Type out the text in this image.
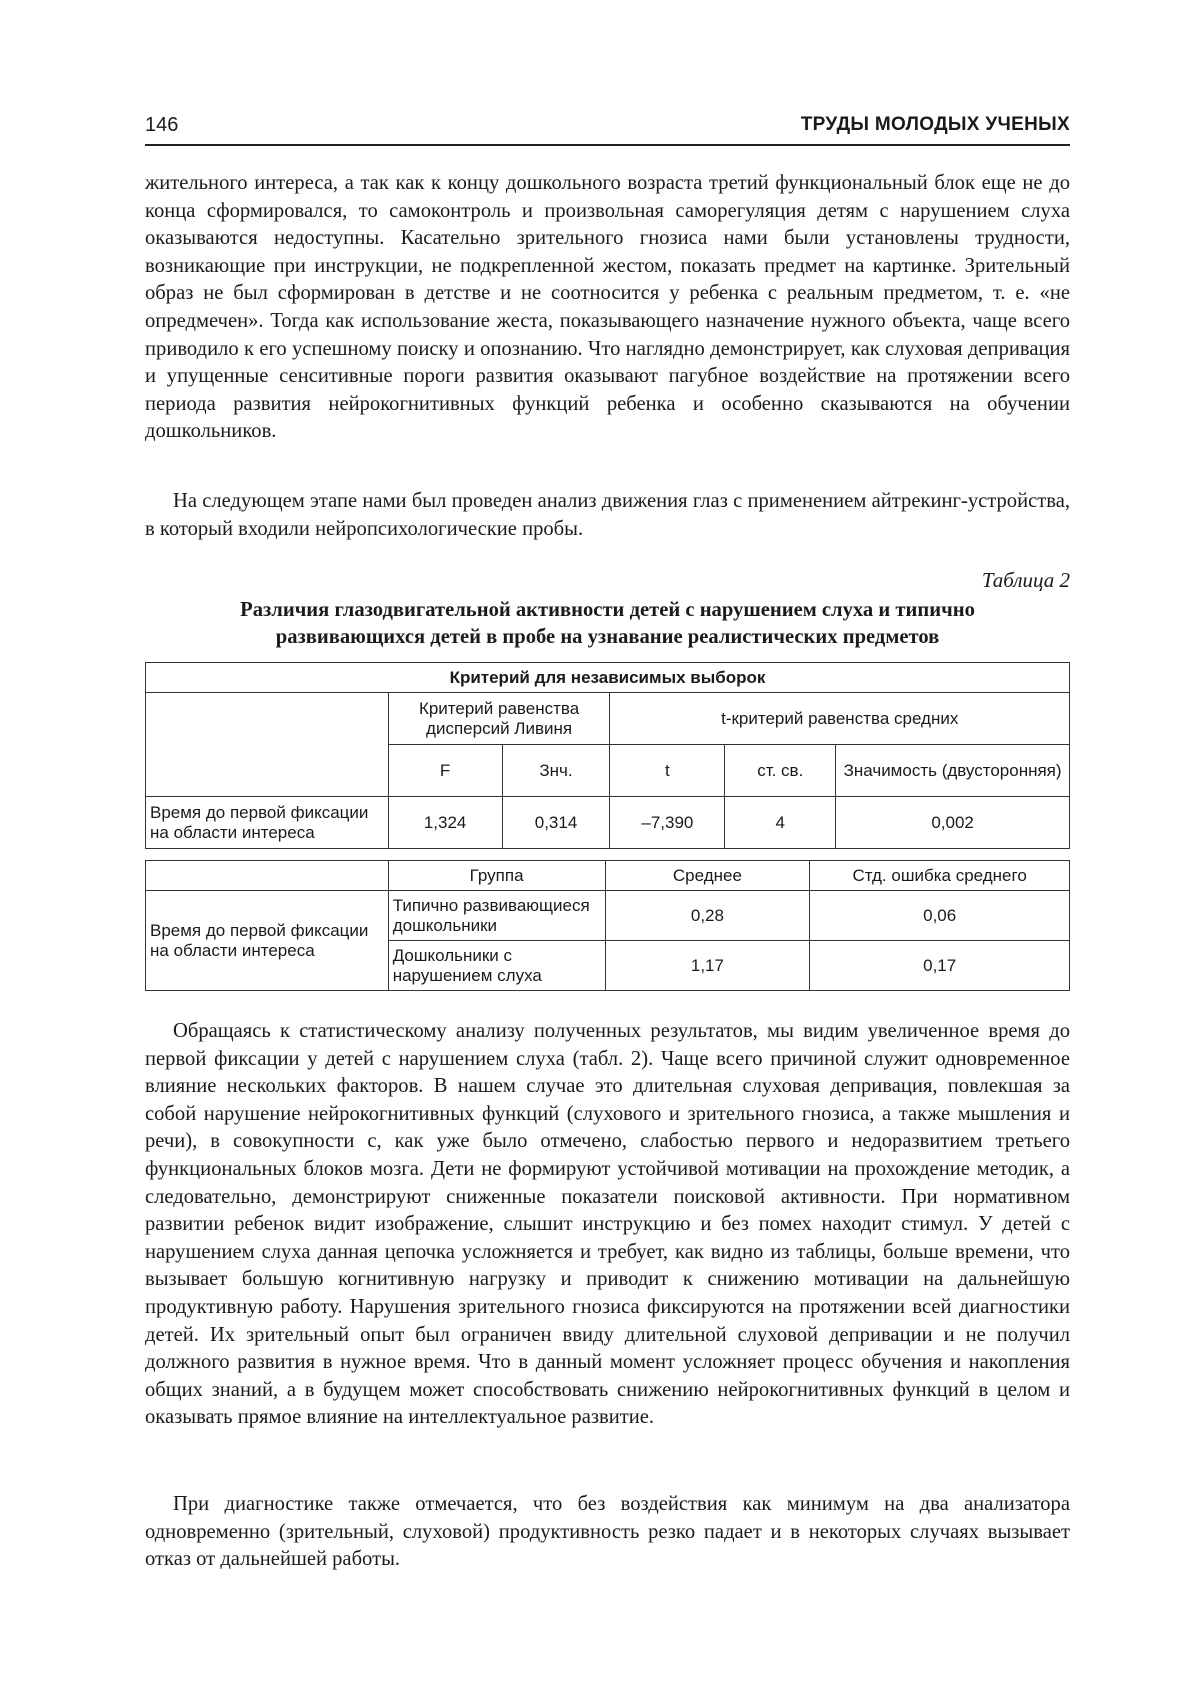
146	ТРУДЫ МОЛОДЫХ УЧЕНЫХ

жительного интереса, а так как к концу дошкольного возраста третий функциональный блок еще не до конца сформировался, то самоконтроль и произвольная саморегуляция детям с нарушением слуха оказываются недоступны. Касательно зрительного гнозиса нами были установлены трудности, возникающие при инструкции, не подкрепленной жестом, показать предмет на картинке. Зрительный образ не был сформирован в детстве и не соотносится у ребенка с реальным предметом, т. е. «не опредмечен». Тогда как использование жеста, показывающего назначение нужного объекта, чаще всего приводило к его успешному поиску и опознанию. Что наглядно демонстрирует, как слуховая депривация и упущенные сенситивные пороги развития оказывают пагубное воздействие на протяжении всего периода развития нейрокогнитивных функций ребенка и особенно сказываются на обучении дошкольников.

На следующем этапе нами был проведен анализ движения глаз с применением айтрекинг-устройства, в который входили нейропсихологические пробы.

Таблица 2
Различия глазодвигательной активности детей с нарушением слуха и типично
развивающихся детей в пробе на узнавание реалистических предметов
Критерий для независимых выборок					
	Критерий равенства дисперсий Ливиня		t-критерий равенства средних		
	F	Знч.	t	ст. св.	Значимость (двусторонняя)
Время до первой фиксации на области интереса	1,324	0,314	–7,390	4	0,002
	Группа	Среднее	Стд. ошибка среднего
Время до первой фиксации на области интереса	Типично развивающиеся дошкольники	0,28	0,06
	Дошкольники с нарушением слуха	1,17	0,17

Обращаясь к статистическому анализу полученных результатов, мы видим увеличенное время до первой фиксации у детей с нарушением слуха (табл. 2). Чаще всего причиной служит одновременное влияние нескольких факторов. В нашем случае это длительная слуховая депривация, повлекшая за собой нарушение нейрокогнитивных функций (слухового и зрительного гнозиса, а также мышления и речи), в совокупности с, как уже было отмечено, слабостью первого и недоразвитием третьего функциональных блоков мозга. Дети не формируют устойчивой мотивации на прохождение методик, а следовательно, демонстрируют сниженные показатели поисковой активности. При нормативном развитии ребенок видит изображение, слышит инструкцию и без помех находит стимул. У детей с нарушением слуха данная цепочка усложняется и требует, как видно из таблицы, больше времени, что вызывает большую когнитивную нагрузку и приводит к снижению мотивации на дальнейшую продуктивную работу. Нарушения зрительного гнозиса фиксируются на протяжении всей диагностики детей. Их зрительный опыт был ограничен ввиду длительной слуховой депривации и не получил должного развития в нужное время. Что в данный момент усложняет процесс обучения и накопления общих знаний, а в будущем может способствовать снижению нейрокогнитивных функций в целом и оказывать прямое влияние на интеллектуальное развитие.

При диагностике также отмечается, что без воздействия как минимум на два анализатора одновременно (зрительный, слуховой) продуктивность резко падает и в некоторых случаях вызывает отказ от дальнейшей работы.
